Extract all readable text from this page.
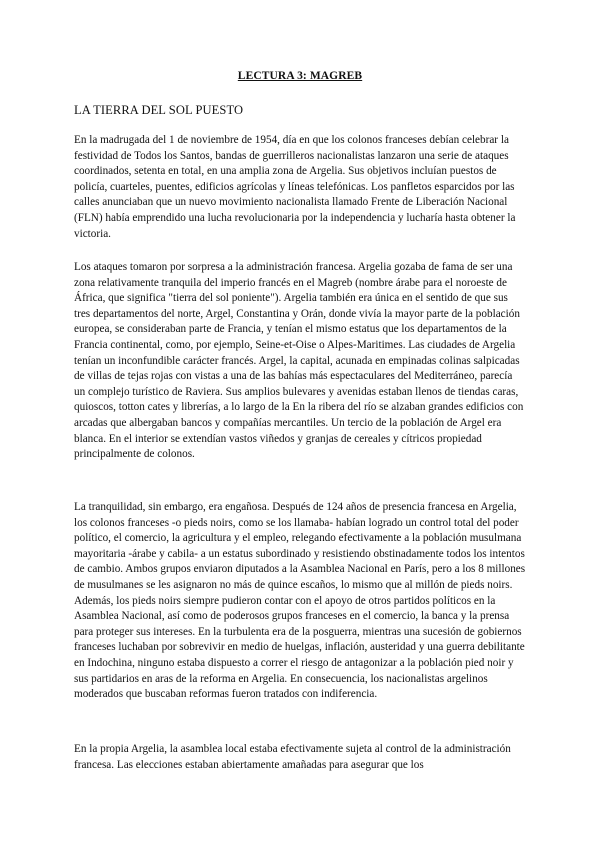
LECTURA 3: MAGREB
LA TIERRA DEL SOL PUESTO

En la madrugada del 1 de noviembre de 1954, día en que los colonos franceses debían celebrar la festividad de Todos los Santos, bandas de guerrilleros nacionalistas lanzaron una serie de ataques coordinados, setenta en total, en una amplia zona de Argelia. Sus objetivos incluían puestos de policía, cuarteles, puentes, edificios agrícolas y líneas telefónicas. Los panfletos esparcidos por las calles anunciaban que un nuevo movimiento nacionalista llamado Frente de Liberación Nacional (FLN) había emprendido una lucha revolucionaria por la independencia y lucharía hasta obtener la victoria.

Los ataques tomaron por sorpresa a la administración francesa. Argelia gozaba de fama de ser una zona relativamente tranquila del imperio francés en el Magreb (nombre árabe para el noroeste de África, que significa "tierra del sol poniente"). Argelia también era única en el sentido de que sus tres departamentos del norte, Argel, Constantina y Orán, donde vivía la mayor parte de la población europea, se consideraban parte de Francia, y tenían el mismo estatus que los departamentos de la Francia continental, como, por ejemplo, Seine-et-Oise o Alpes-Maritimes. Las ciudades de Argelia tenían un inconfundible carácter francés. Argel, la capital, acunada en empinadas colinas salpicadas de villas de tejas rojas con vistas a una de las bahías más espectaculares del Mediterráneo, parecía un complejo turístico de Raviera. Sus amplios bulevares y avenidas estaban llenos de tiendas caras, quioscos, totton cates y librerías, a lo largo de la En la ribera del río se alzaban grandes edificios con arcadas que albergaban bancos y compañías mercantiles. Un tercio de la población de Argel era blanca. En el interior se extendían vastos viñedos y granjas de cereales y cítricos propiedad principalmente de colonos.

La tranquilidad, sin embargo, era engañosa. Después de 124 años de presencia francesa en Argelia, los colonos franceses -o pieds noirs, como se los llamaba- habían logrado un control total del poder político, el comercio, la agricultura y el empleo, relegando efectivamente a la población musulmana mayoritaria -árabe y cabila- a un estatus subordinado y resistiendo obstinadamente todos los intentos de cambio. Ambos grupos enviaron diputados a la Asamblea Nacional en París, pero a los 8 millones de musulmanes se les asignaron no más de quince escaños, lo mismo que al millón de pieds noirs. Además, los pieds noirs siempre pudieron contar con el apoyo de otros partidos políticos en la Asamblea Nacional, así como de poderosos grupos franceses en el comercio, la banca y la prensa para proteger sus intereses. En la turbulenta era de la posguerra, mientras una sucesión de gobiernos franceses luchaban por sobrevivir en medio de huelgas, inflación, austeridad y una guerra debilitante en Indochina, ninguno estaba dispuesto a correr el riesgo de antagonizar a la población pied noir y sus partidarios en aras de la reforma en Argelia. En consecuencia, los nacionalistas argelinos moderados que buscaban reformas fueron tratados con indiferencia.

En la propia Argelia, la asamblea local estaba efectivamente sujeta al control de la administración francesa. Las elecciones estaban abiertamente amañadas para asegurar que los
